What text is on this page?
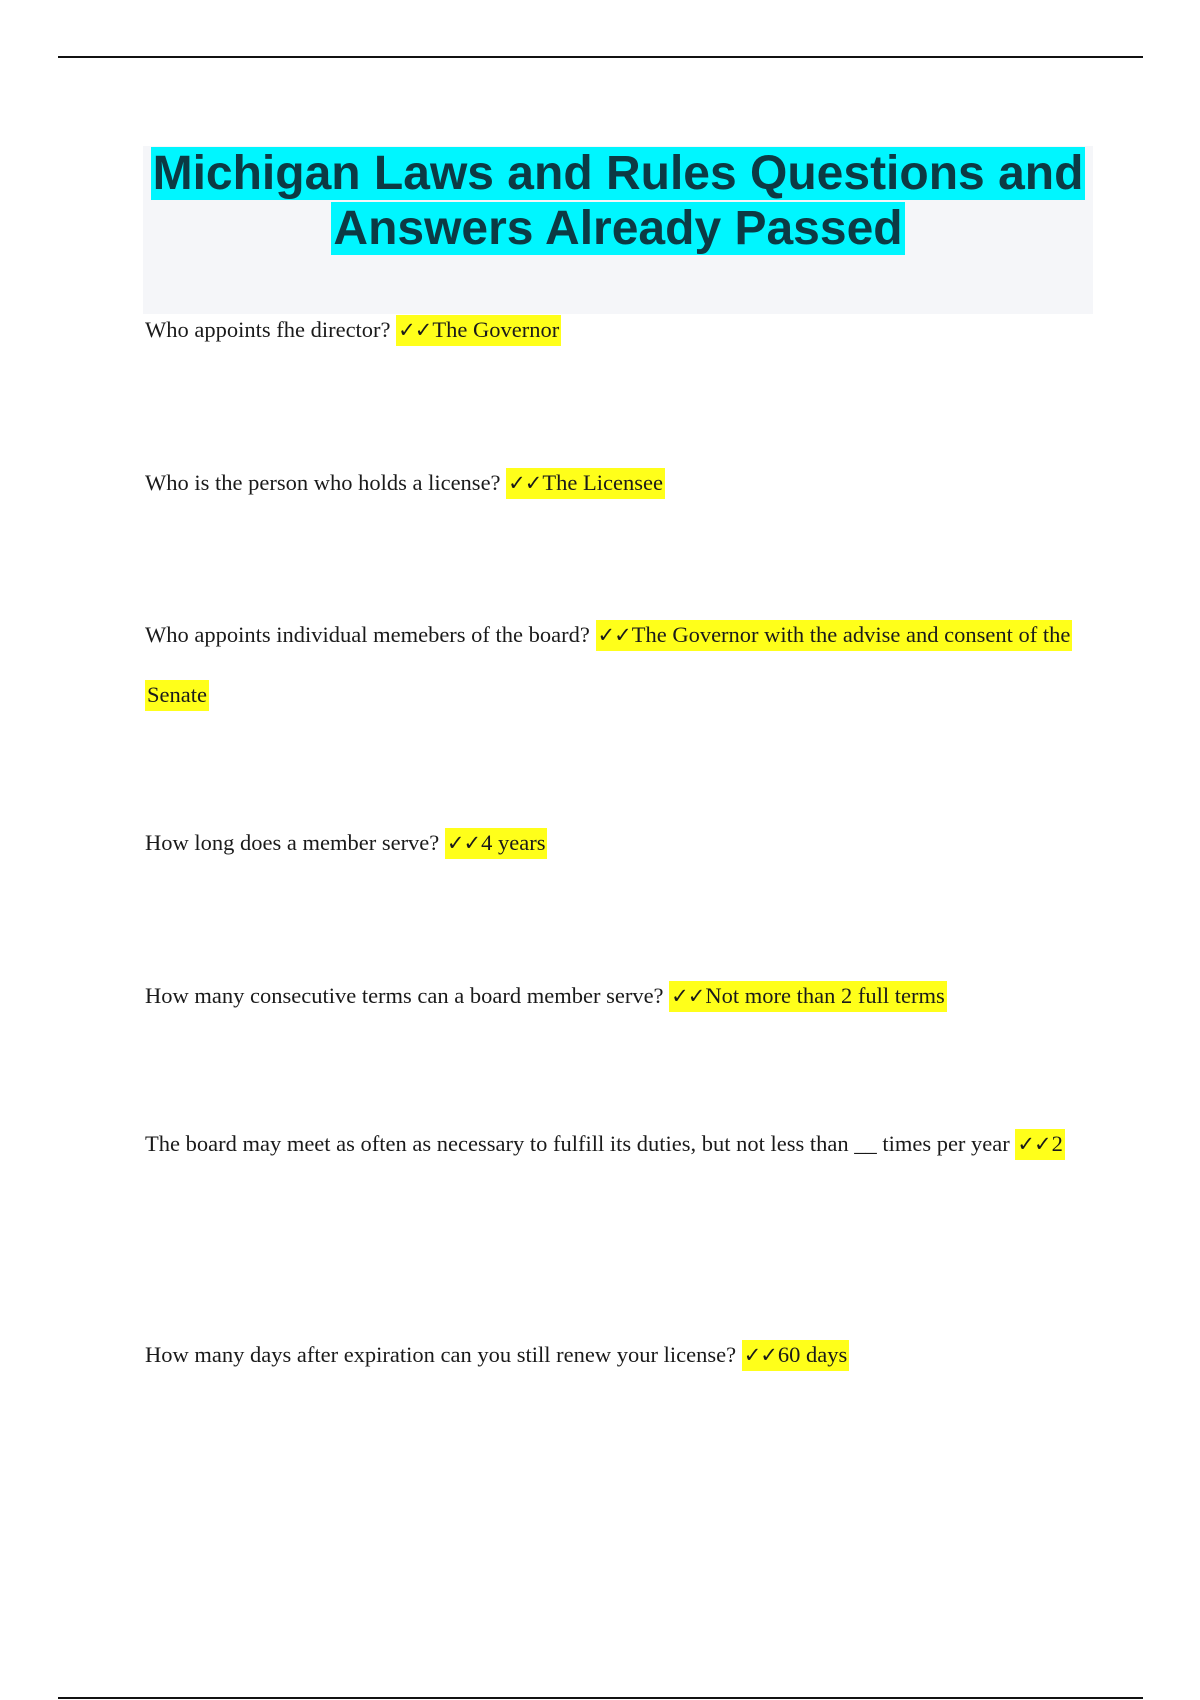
Michigan Laws and Rules Questions and Answers Already Passed

Who appoints fhe director? ✓✓The Governor

Who is the person who holds a license? ✓✓The Licensee

Who appoints individual memebers of the board? ✓✓The Governor with the advise and consent of the Senate

How long does a member serve? ✓✓4 years

How many consecutive terms can a board member serve? ✓✓Not more than 2 full terms

The board may meet as often as necessary to fulfill its duties, but not less than __ times per year ✓✓2

How many days after expiration can you still renew your license? ✓✓60 days
